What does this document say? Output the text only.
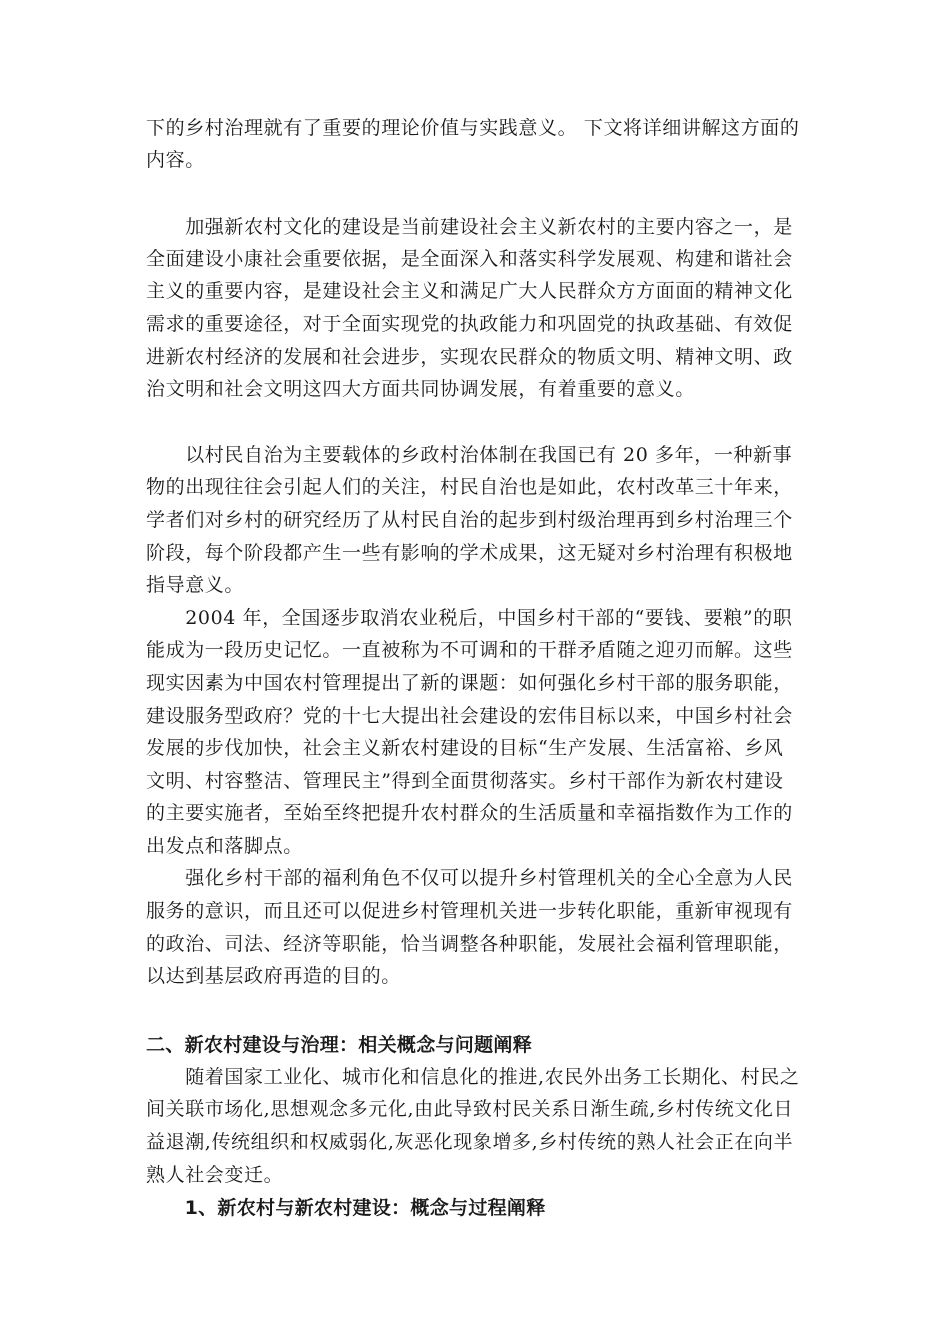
下的乡村治理就有了重要的理论价值与实践意义。 下文将详细讲解这方面的
内容。
　　加强新农村文化的建设是当前建设社会主义新农村的主要内容之一，是
全面建设小康社会重要依据，是全面深入和落实科学发展观、构建和谐社会
主义的重要内容，是建设社会主义和满足广大人民群众方方面面的精神文化
需求的重要途径，对于全面实现党的执政能力和巩固党的执政基础、有效促
进新农村经济的发展和社会进步，实现农民群众的物质文明、精神文明、政
治文明和社会文明这四大方面共同协调发展，有着重要的意义。
　　以村民自治为主要载体的乡政村治体制在我国已有 20 多年，一种新事
物的出现往往会引起人们的关注，村民自治也是如此，农村改革三十年来，
学者们对乡村的研究经历了从村民自治的起步到村级治理再到乡村治理三个
阶段，每个阶段都产生一些有影响的学术成果，这无疑对乡村治理有积极地
指导意义。
　　2004 年，全国逐步取消农业税后，中国乡村干部的“要钱、要粮”的职
能成为一段历史记忆。一直被称为不可调和的干群矛盾随之迎刃而解。这些
现实因素为中国农村管理提出了新的课题：如何强化乡村干部的服务职能，
建设服务型政府？党的十七大提出社会建设的宏伟目标以来，中国乡村社会
发展的步伐加快，社会主义新农村建设的目标“生产发展、生活富裕、乡风
文明、村容整洁、管理民主”得到全面贯彻落实。乡村干部作为新农村建设
的主要实施者，至始至终把提升农村群众的生活质量和幸福指数作为工作的
出发点和落脚点。
　　强化乡村干部的福利角色不仅可以提升乡村管理机关的全心全意为人民
服务的意识，而且还可以促进乡村管理机关进一步转化职能，重新审视现有
的政治、司法、经济等职能，恰当调整各种职能，发展社会福利管理职能，
以达到基层政府再造的目的。
二、新农村建设与治理：相关概念与问题阐释
　　随着国家工业化、城市化和信息化的推进,农民外出务工长期化、村民之
间关联市场化,思想观念多元化,由此导致村民关系日渐生疏,乡村传统文化日
益退潮,传统组织和权威弱化,灰恶化现象增多,乡村传统的熟人社会正在向半
熟人社会变迁。
　　1、新农村与新农村建设：概念与过程阐释
